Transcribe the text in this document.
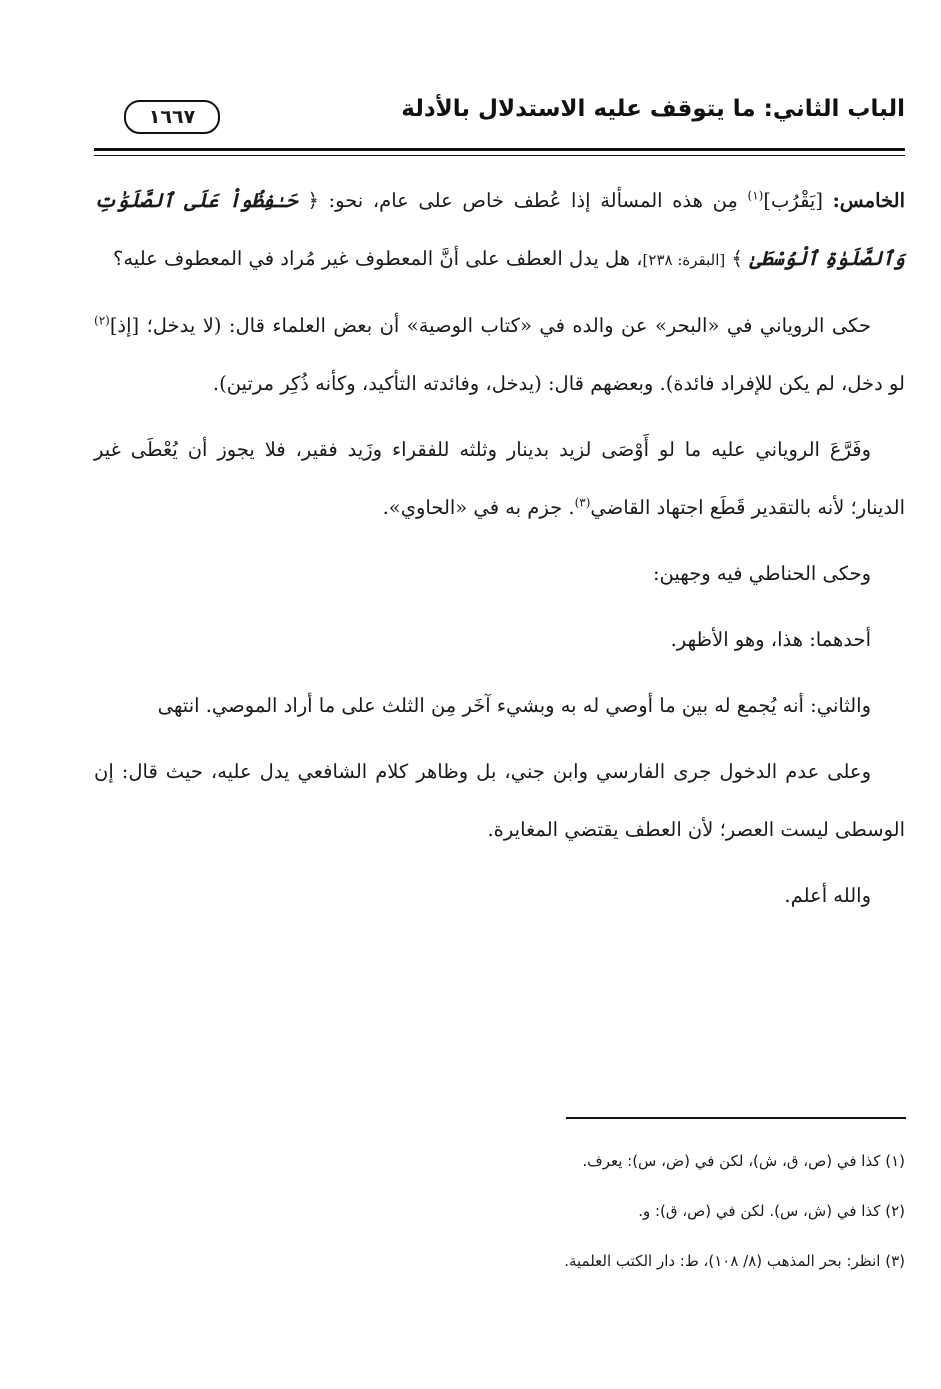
الباب الثاني: ما يتوقف عليه الاستدلال بالأدلة
١٦٦٧

الخامس: [يَقْرُب]$^{(١)}$ مِن هذه المسألة إذا عُطف خاص على عام، نحو: ﴿ حَـٰفِظُواْ عَلَى ٱلصَّلَوَٰتِ وَٱلصَّلَوٰةِ ٱلْوُسْطَىٰ ﴾ [البقرة: ٢٣٨]، هل يدل العطف على أنَّ المعطوف غير مُراد في المعطوف عليه؟

حكى الروياني في «البحر» عن والده في «كتاب الوصية» أن بعض العلماء قال: (لا يدخل؛ [إذ]$^{(٢)}$ لو دخل، لم يكن للإفراد فائدة). وبعضهم قال: (يدخل، وفائدته التأكيد، وكأنه ذُكِر مرتين).

وفَرَّعَ الروياني عليه ما لو أَوْصَى لزيد بدينار وثلثه للفقراء وزَيد فقير، فلا يجوز أن يُعْطَى غير الدينار؛ لأنه بالتقدير قَطَع اجتهاد القاضي$^{(٣)}$. جزم به في «الحاوي».

وحكى الحناطي فيه وجهين:

أحدهما: هذا، وهو الأظهر.

والثاني: أنه يُجمع له بين ما أوصي له به وبشيء آخَر مِن الثلث على ما أراد الموصي. انتهى

وعلى عدم الدخول جرى الفارسي وابن جني، بل وظاهر كلام الشافعي يدل عليه، حيث قال: إن الوسطى ليست العصر؛ لأن العطف يقتضي المغايرة.

والله أعلم.

(١) كذا في (ص، ق، ش)، لكن في (ض، س): يعرف.
(٢) كذا في (ش، س). لكن في (ص، ق): و.
(٣) انظر: بحر المذهب (٨/ ١٠٨)، ط: دار الكتب العلمية.
